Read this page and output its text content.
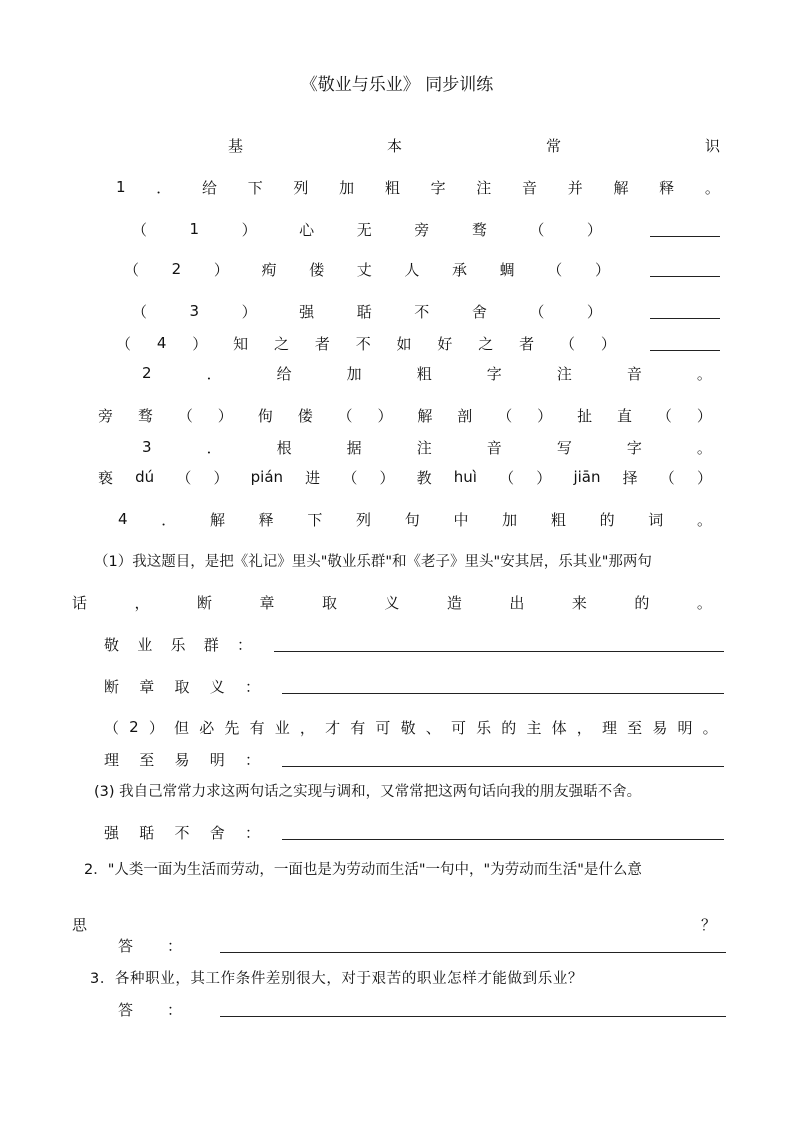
《敬业与乐业》 同步训练
基	本	常	识
1 ． 给 下 列 加 粗 字 注 音 并 解 释 。
（	1	）	心	无	旁	骛	（	）
（ 2 ） 痀 偻 丈 人 承 蜩 （ ）
（	3	）	强	聒	不	舍	（	）
（ 4 ） 知 之 者 不 如 好 之 者 （ ）
2	．	给	加	粗	字	注	音	。
旁 骛 （ ） 佝 偻 （ ） 解 剖 （ ） 扯 直 （ ）
3	．	根	据	注	音	写	字	。
亵 dú （ ） pián 进 （ ） 教 huì （ ） jiān 择 （ ）
4 ． 解 释 下 列 句 中 加 粗 的 词 。
（1）我这题目，是把《礼记》里头"敬业乐群"和《老子》里头"安其居，乐其业"那两句
话	，	断	章	取	义	造	出	来	的	。
敬 业 乐 群 ：
断 章 取 义 ：
（ 2 ） 但 必 先 有 业 ， 才 有 可 敬 、 可 乐 的 主 体 ， 理 至 易 明 。
理 至 易 明 ：
(3) 我自己常常力求这两句话之实现与调和，又常常把这两句话向我的朋友强聒不舍。
强 聒 不 舍 ：
2．"人类一面为生活而劳动，一面也是为劳动而生活"一句中，"为劳动而生活"是什么意
思	？
答 ：
3．各种职业，其工作条件差别很大，对于艰苦的职业怎样才能做到乐业？
答 ：
